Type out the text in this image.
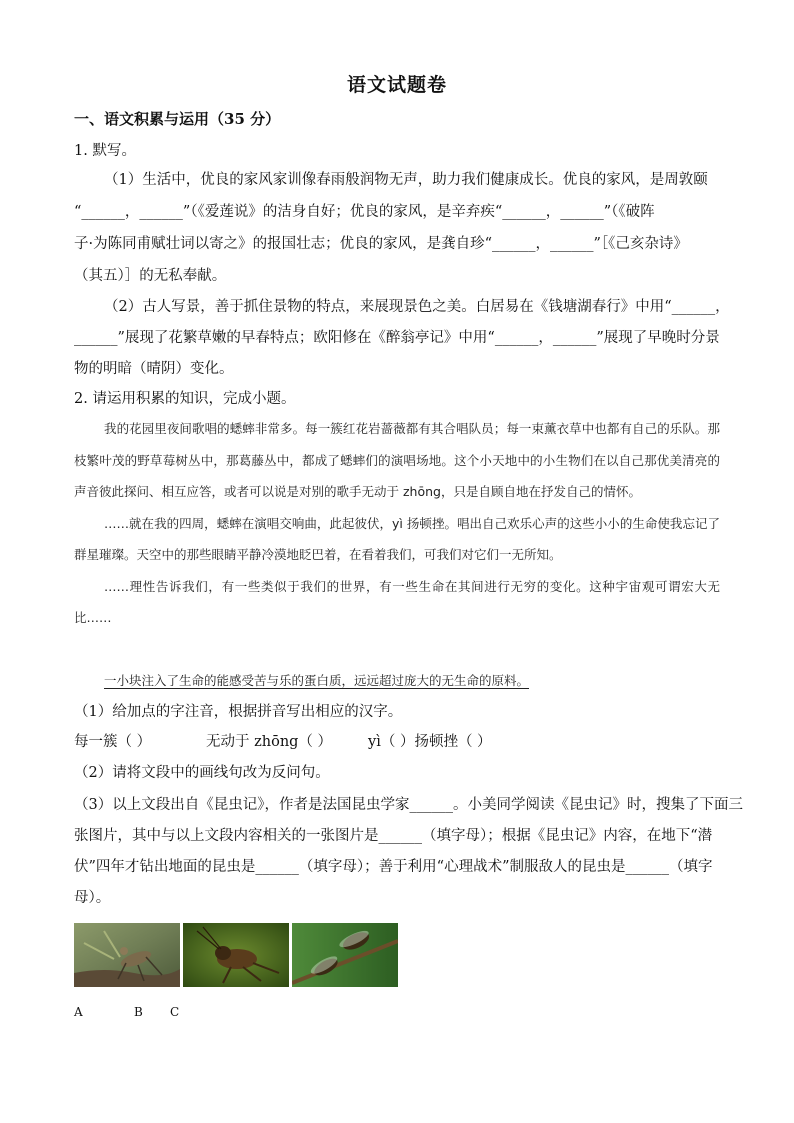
语文试题卷
一、语文积累与运用（35 分）
1. 默写。
（1）生活中，优良的家风家训像春雨般润物无声，助力我们健康成长。优良的家风，是周敦颐
“______，______”（《爱莲说》的洁身自好；优良的家风，是辛弃疾“______，______”（《破阵
子·为陈同甫赋壮词以寄之》的报国壮志；优良的家风，是龚自珍“______，______”［《己亥杂诗》
（其五）］的无私奉献。
（2）古人写景，善于抓住景物的特点，来展现景色之美。白居易在《钱塘湖春行》中用“______，
______”展现了花繁草嫩的早春特点；欧阳修在《醉翁亭记》中用“______，______”展现了早晚时分景
物的明暗（晴阴）变化。
2. 请运用积累的知识，完成小题。

我的花园里夜间歌唱的蟋蟀非常多。每一簇红花岩蔷薇都有其合唱队员；每一束薰衣草中也都有自己的乐队。那枝繁叶茂的野草莓树丛中，那葛藤丛中，都成了蟋蟀们的演唱场地。这个小天地中的小生物们在以自己那优美清亮的声音彼此探问、相互应答，或者可以说是对别的歌手无动于 zhōng，只是自顾自地在抒发自己的情怀。

……就在我的四周，蟋蟀在演唱交响曲，此起彼伏，yì 扬顿挫。唱出自己欢乐心声的这些小小的生命使我忘记了群星璀璨。天空中的那些眼睛平静冷漠地眨巴着，在看着我们，可我们对它们一无所知。

……理性告诉我们，有一些类似于我们的世界，有一些生命在其间进行无穷的变化。这种宇宙观可谓宏大无比……

一小块注入了生命的能感受苦与乐的蛋白质，远远超过庞大的无生命的原料。
（1）给加点的字注音，根据拼音写出相应的汉字。
每一簇（ ）	无动于 zhōng（ ） yì（ ）扬顿挫（ ）
（2）请将文段中的画线句改为反问句。
（3）以上文段出自《昆虫记》，作者是法国昆虫学家______。小美同学阅读《昆虫记》时，搜集了下面三
张图片，其中与以上文段内容相关的一张图片是______（填字母）；根据《昆虫记》内容，在地下“潜
伏”四年才钻出地面的昆虫是______（填字母）；善于利用“心理战术”制服敌人的昆虫是______（填字
母）。
A	B C
